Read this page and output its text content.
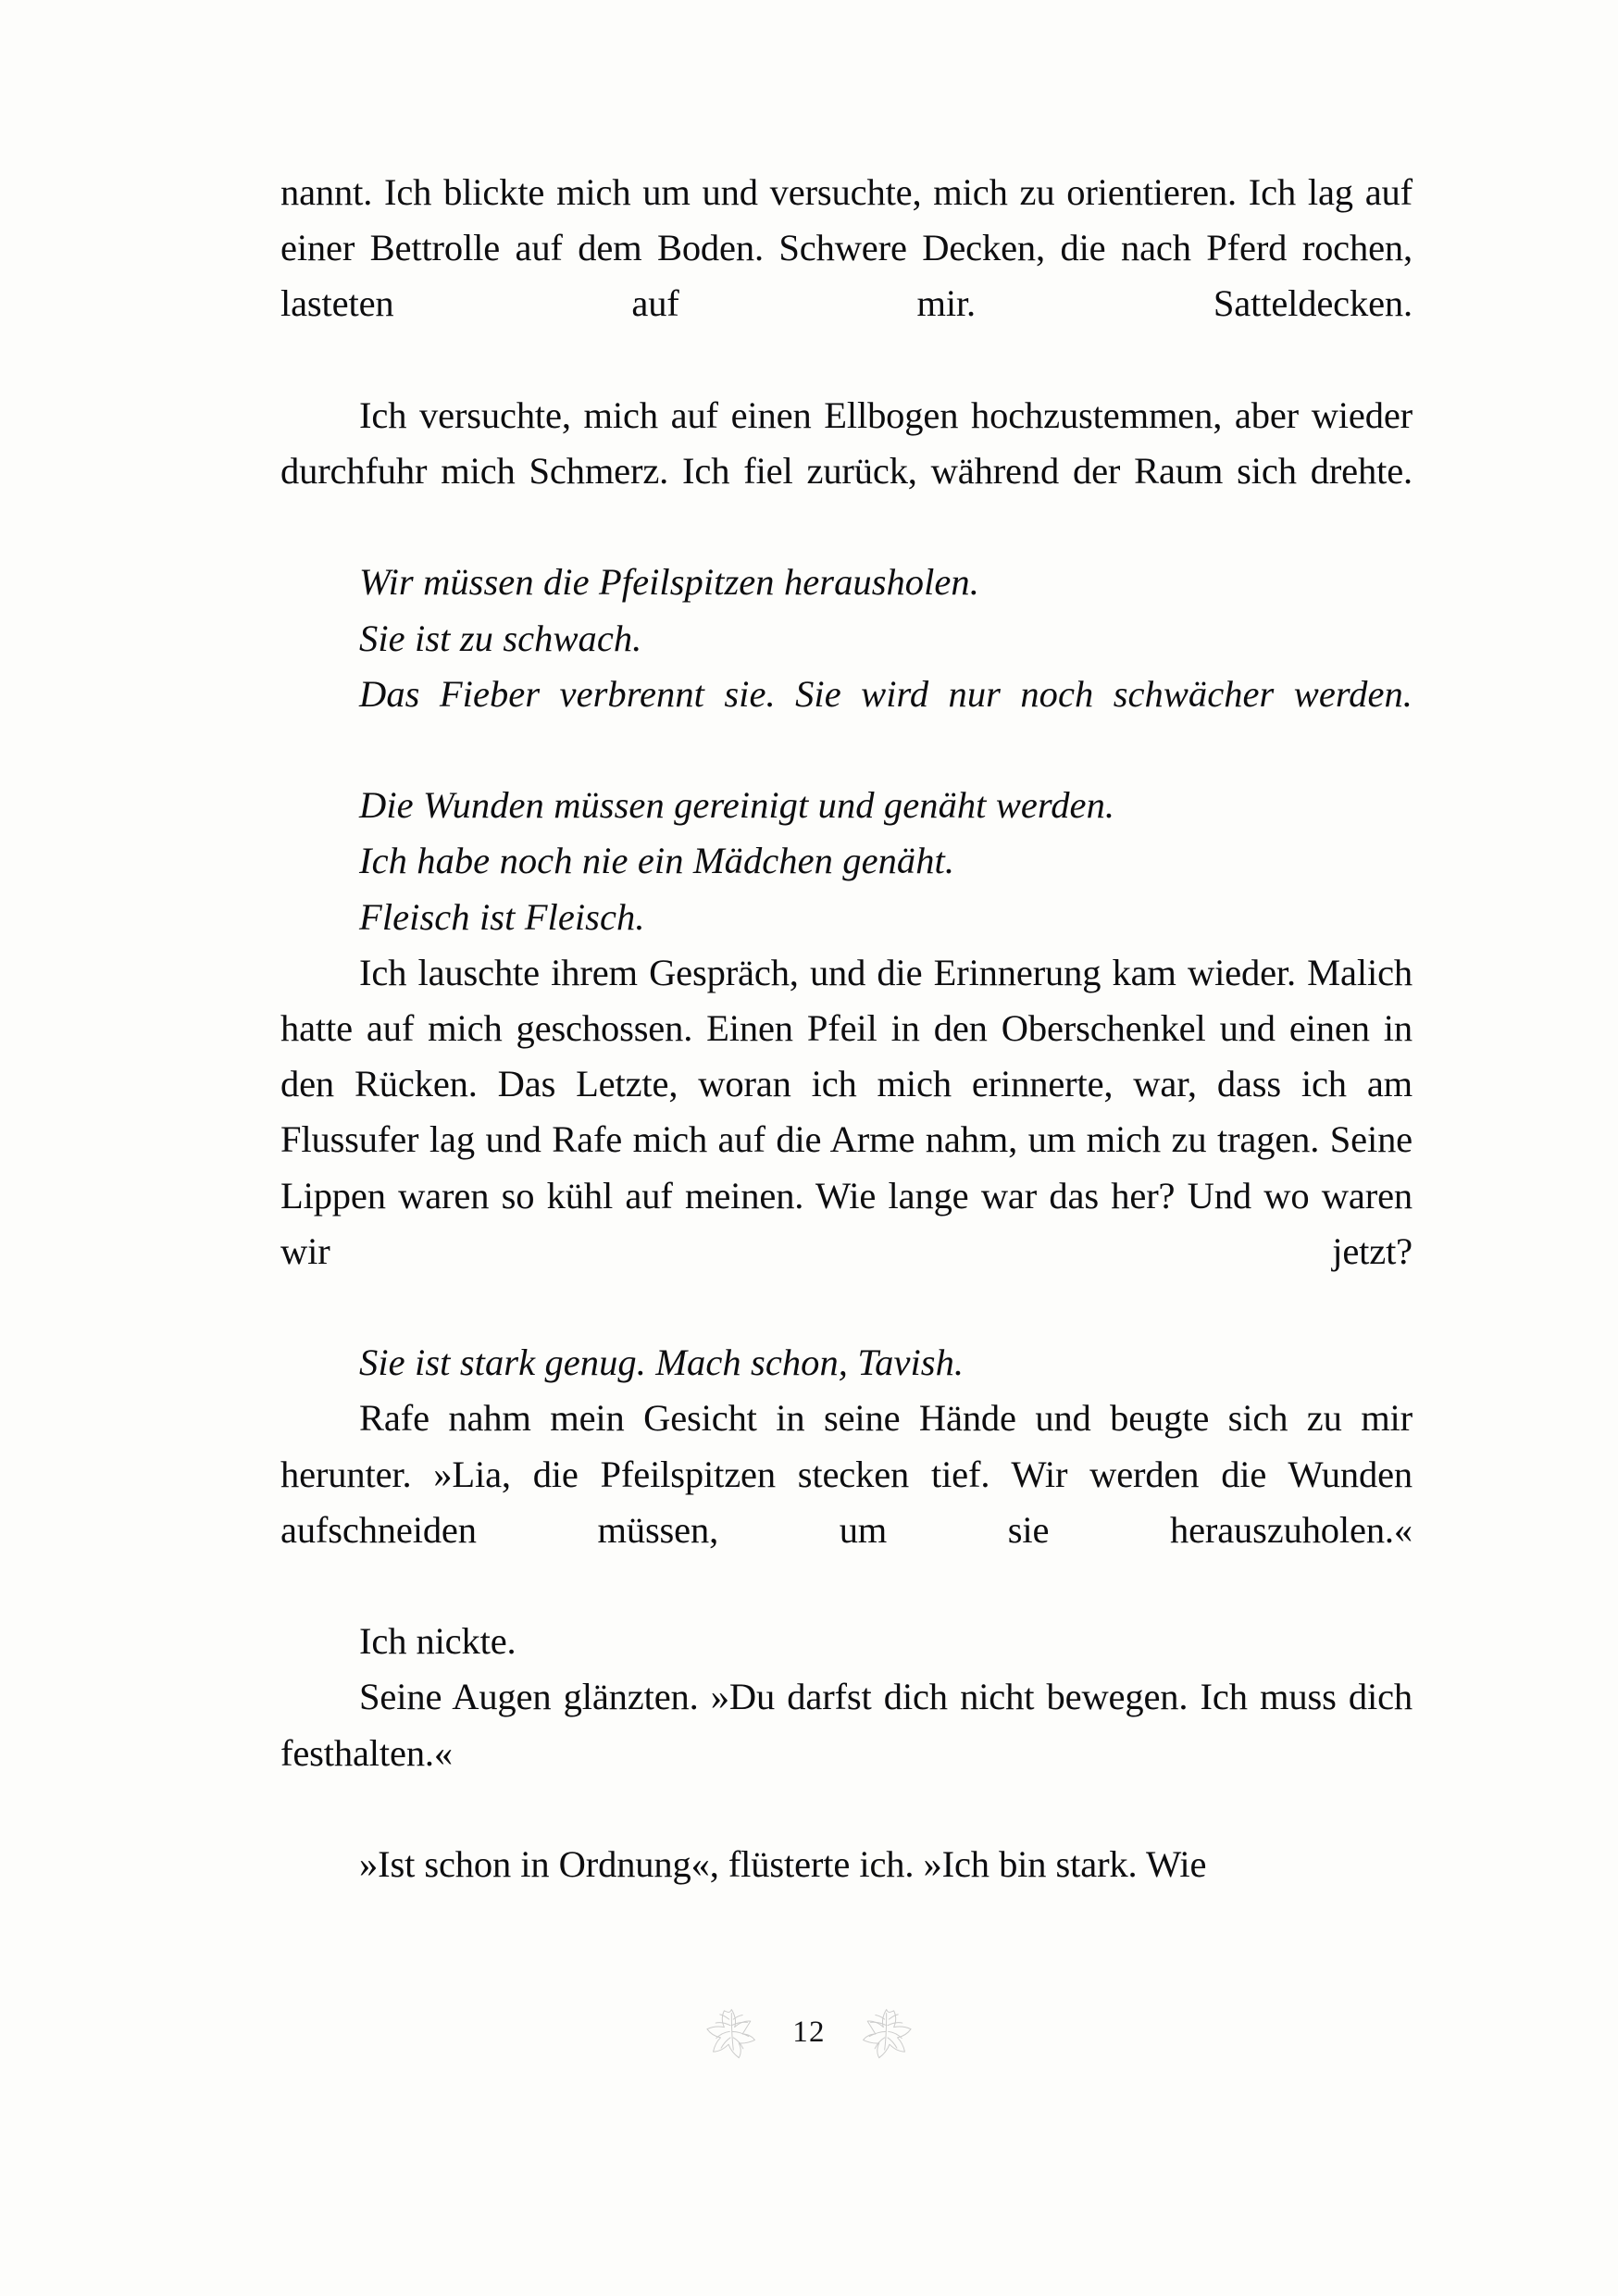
nannt. Ich blickte mich um und versuchte, mich zu orientieren. Ich lag auf einer Bettrolle auf dem Boden. Schwere Decken, die nach Pferd rochen, lasteten auf mir. Satteldecken.

Ich versuchte, mich auf einen Ellbogen hochzustemmen, aber wieder durchfuhr mich Schmerz. Ich fiel zurück, während der Raum sich drehte.

Wir müssen die Pfeilspitzen herausholen.

Sie ist zu schwach.

Das Fieber verbrennt sie. Sie wird nur noch schwächer werden.

Die Wunden müssen gereinigt und genäht werden.

Ich habe noch nie ein Mädchen genäht.

Fleisch ist Fleisch.

Ich lauschte ihrem Gespräch, und die Erinnerung kam wieder. Malich hatte auf mich geschossen. Einen Pfeil in den Oberschenkel und einen in den Rücken. Das Letzte, woran ich mich erinnerte, war, dass ich am Flussufer lag und Rafe mich auf die Arme nahm, um mich zu tragen. Seine Lippen waren so kühl auf meinen. Wie lange war das her? Und wo waren wir jetzt?

Sie ist stark genug. Mach schon, Tavish.

Rafe nahm mein Gesicht in seine Hände und beugte sich zu mir herunter. »Lia, die Pfeilspitzen stecken tief. Wir werden die Wunden aufschneiden müssen, um sie herauszuholen.«

Ich nickte.

Seine Augen glänzten. »Du darfst dich nicht bewegen. Ich muss dich festhalten.«

»Ist schon in Ordnung«, flüsterte ich. »Ich bin stark. Wie

12
